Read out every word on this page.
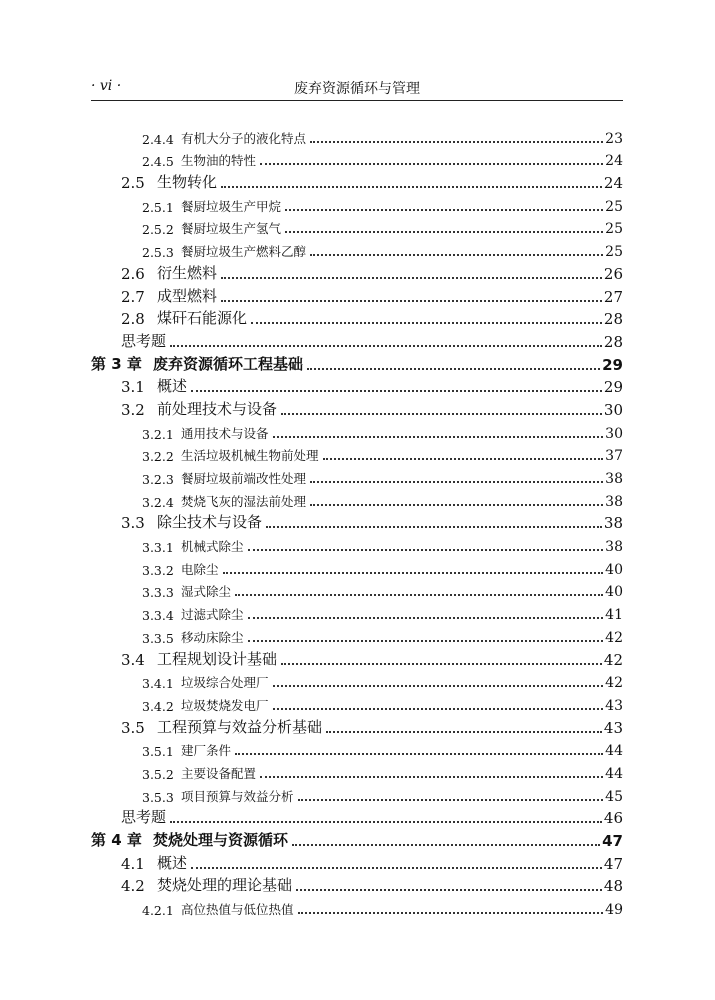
· vi ·	废弃资源循环与管理
2.4.4 有机大分子的液化特点	23
2.4.5 生物油的特性	24
2.5 生物转化	24
2.5.1 餐厨垃圾生产甲烷	25
2.5.2 餐厨垃圾生产氢气	25
2.5.3 餐厨垃圾生产燃料乙醇	25
2.6 衍生燃料	26
2.7 成型燃料	27
2.8 煤矸石能源化	28
思考题	28
第 3 章 废弃资源循环工程基础	29
3.1 概述	29
3.2 前处理技术与设备	30
3.2.1 通用技术与设备	30
3.2.2 生活垃圾机械生物前处理	37
3.2.3 餐厨垃圾前端改性处理	38
3.2.4 焚烧飞灰的湿法前处理	38
3.3 除尘技术与设备	38
3.3.1 机械式除尘	38
3.3.2 电除尘	40
3.3.3 湿式除尘	40
3.3.4 过滤式除尘	41
3.3.5 移动床除尘	42
3.4 工程规划设计基础	42
3.4.1 垃圾综合处理厂	42
3.4.2 垃圾焚烧发电厂	43
3.5 工程预算与效益分析基础	43
3.5.1 建厂条件	44
3.5.2 主要设备配置	44
3.5.3 项目预算与效益分析	45
思考题	46
第 4 章 焚烧处理与资源循环	47
4.1 概述	47
4.2 焚烧处理的理论基础	48
4.2.1 高位热值与低位热值	49
